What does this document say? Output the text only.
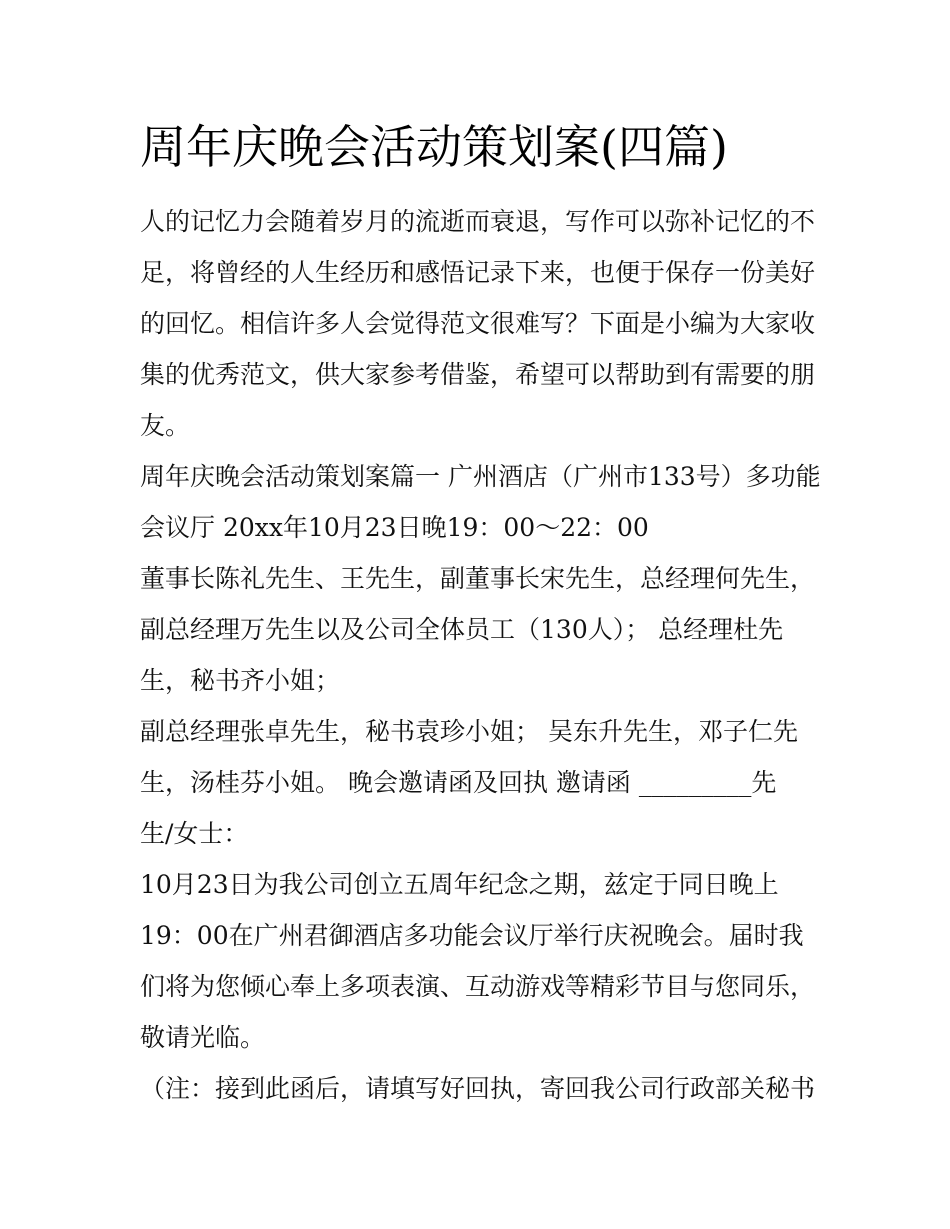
周年庆晚会活动策划案(四篇)
人的记忆力会随着岁月的流逝而衰退，写作可以弥补记忆的不
足，将曾经的人生经历和感悟记录下来，也便于保存一份美好
的回忆。相信许多人会觉得范文很难写？下面是小编为大家收
集的优秀范文，供大家参考借鉴，希望可以帮助到有需要的朋
友。
周年庆晚会活动策划案篇一 广州酒店（广州市133号）多功能
会议厅 20xx年10月23日晚19：00～22：00
董事长陈礼先生、王先生，副董事长宋先生，总经理何先生，
副总经理万先生以及公司全体员工（130人）； 总经理杜先
生，秘书齐小姐；
副总经理张卓先生，秘书袁珍小姐； 吴东升先生，邓子仁先
生，汤桂芬小姐。 晚会邀请函及回执 邀请函 _________先
生/女士：
10月23日为我公司创立五周年纪念之期，兹定于同日晚上
19：00在广州君御酒店多功能会议厅举行庆祝晚会。届时我
们将为您倾心奉上多项表演、互动游戏等精彩节目与您同乐，
敬请光临。
（注：接到此函后，请填写好回执，寄回我公司行政部关秘书
